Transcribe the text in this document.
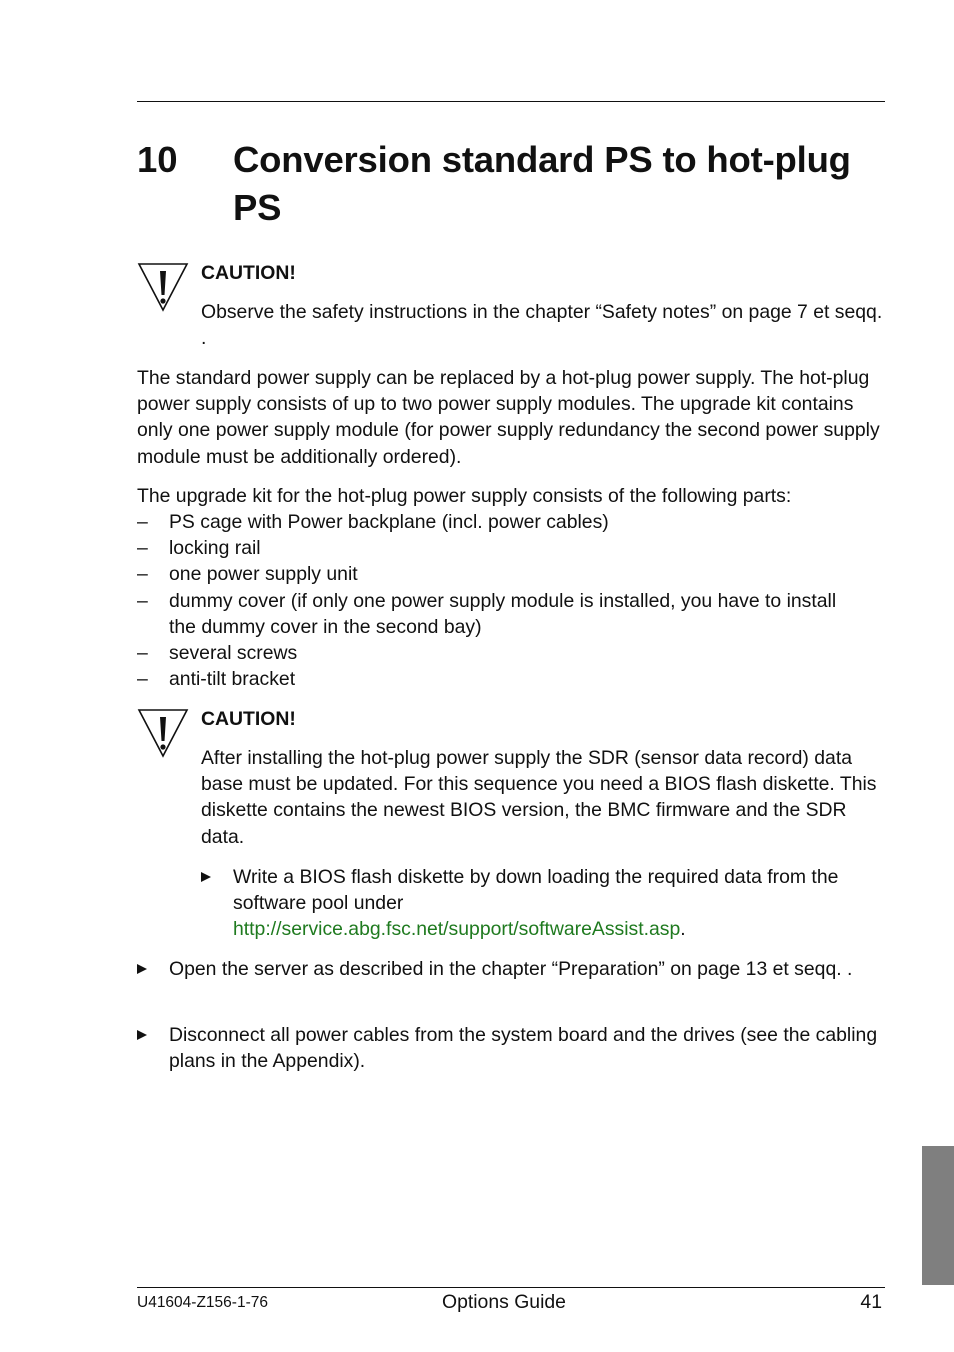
10 Conversion standard PS to hot-plug PS
CAUTION!

Observe the safety instructions in the chapter “Safety notes” on page 7 et seqq. .

The standard power supply can be replaced by a hot-plug power supply. The hot-plug power supply consists of up to two power supply modules. The upgrade kit contains only one power supply module (for power supply redundancy the second power supply module must be additionally ordered).

The upgrade kit for the hot-plug power supply consists of the following parts:

– PS cage with Power backplane (incl. power cables)
– locking rail
– one power supply unit
– dummy cover (if only one power supply module is installed, you have to install the dummy cover in the second bay)
– several screws
– anti-tilt bracket
CAUTION!

After installing the hot-plug power supply the SDR (sensor data record) data base must be updated. For this sequence you need a BIOS flash diskette. This diskette contains the newest BIOS version, the BMC firmware and the SDR data.

Write a BIOS flash diskette by down loading the required data from the software pool under
http://service.abg.fsc.net/support/softwareAssist.asp.
Open the server as described in the chapter “Preparation” on page 13 et seqq. .
Disconnect all power cables from the system board and the drives (see the cabling plans in the Appendix).
U41604-Z156-1-76	Options Guide	41
